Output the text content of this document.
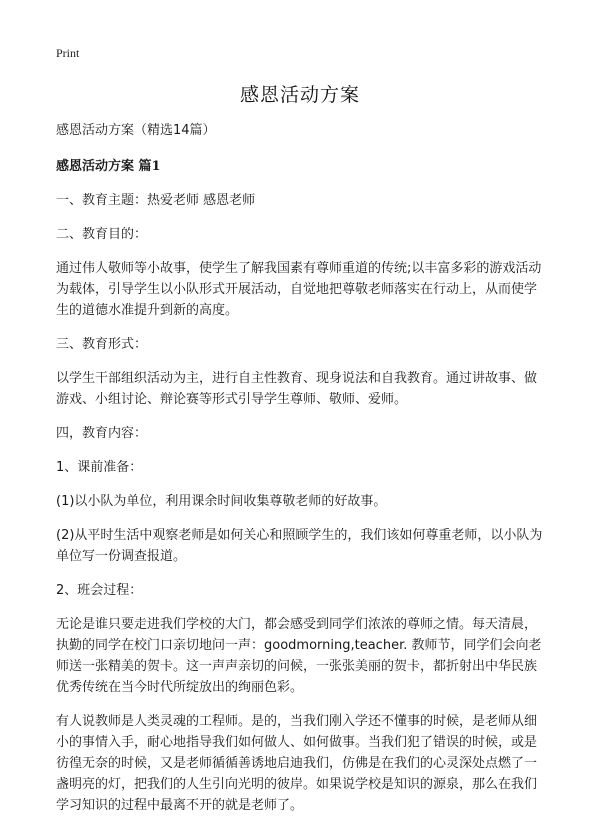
Print
感恩活动方案

感恩活动方案（精选14篇）

感恩活动方案 篇1

一、教育主题：热爱老师 感恩老师

二、教育目的：

通过伟人敬师等小故事，使学生了解我国素有尊师重道的传统;以丰富多彩的游戏活动为载体，引导学生以小队形式开展活动，自觉地把尊敬老师落实在行动上，从而使学生的道德水准提升到新的高度。

三、教育形式：

以学生干部组织活动为主，进行自主性教育、现身说法和自我教育。通过讲故事、做游戏、小组讨论、辩论赛等形式引导学生尊师、敬师、爱师。

四，教育内容：

1、课前准备：

(1)以小队为单位，利用课余时间收集尊敬老师的好故事。

(2)从平时生活中观察老师是如何关心和照顾学生的，我们该如何尊重老师，以小队为单位写一份调查报道。

2、班会过程：

无论是谁只要走进我们学校的大门，都会感受到同学们浓浓的尊师之情。每天清晨，执勤的同学在校门口亲切地问一声：goodmorning,teacher. 教师节，同学们会向老师送一张精美的贺卡。这一声声亲切的问候，一张张美丽的贺卡，都折射出中华民族优秀传统在当今时代所绽放出的绚丽色彩。

有人说教师是人类灵魂的工程师。是的，当我们刚入学还不懂事的时候，是老师从细小的事情入手，耐心地指导我们如何做人、如何做事。当我们犯了错误的时候，或是彷徨无奈的时候，又是老师循循善诱地启迪我们，仿佛是在我们的心灵深处点燃了一盏明亮的灯，把我们的人生引向光明的彼岸。如果说学校是知识的源泉，那么在我们学习知识的过程中最离不开的就是老师了。
